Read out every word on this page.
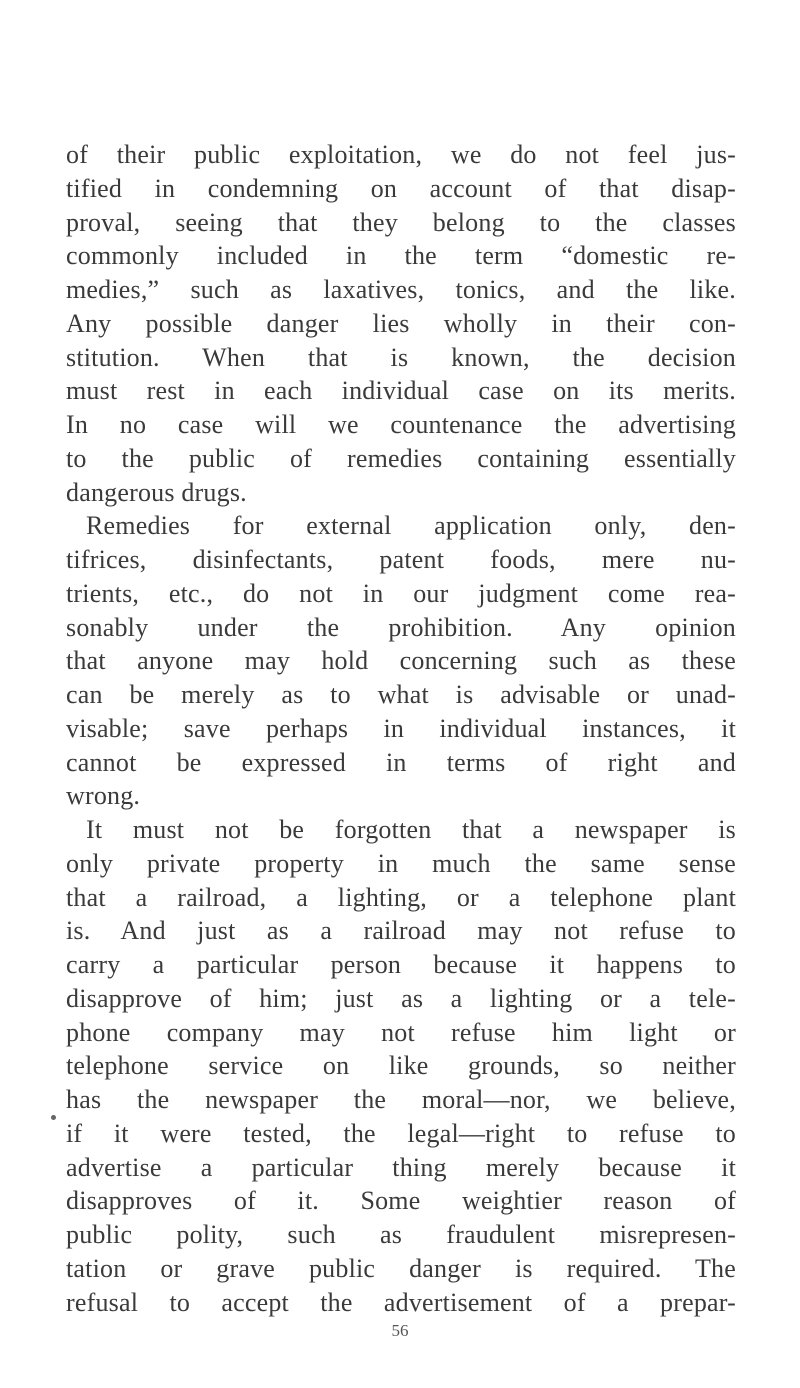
of their public exploitation, we do not feel jus-
tified in condemning on account of that disap-
proval, seeing that they belong to the classes
commonly included in the term “domestic re-
medies,” such as laxatives, tonics, and the like.
Any possible danger lies wholly in their con-
stitution. When that is known, the decision
must rest in each individual case on its merits.
In no case will we countenance the advertising
to the public of remedies containing essentially
dangerous drugs.
Remedies for external application only, den-
tifrices, disinfectants, patent foods, mere nu-
trients, etc., do not in our judgment come rea-
sonably under the prohibition. Any opinion
that anyone may hold concerning such as these
can be merely as to what is advisable or unad-
visable; save perhaps in individual instances, it
cannot be expressed in terms of right and
wrong.
It must not be forgotten that a newspaper is
only private property in much the same sense
that a railroad, a lighting, or a telephone plant
is. And just as a railroad may not refuse to
carry a particular person because it happens to
disapprove of him; just as a lighting or a tele-
phone company may not refuse him light or
telephone service on like grounds, so neither
has the newspaper the moral—nor, we believe,
if it were tested, the legal—right to refuse to
advertise a particular thing merely because it
disapproves of it. Some weightier reason of
public polity, such as fraudulent misrepresen-
tation or grave public danger is required. The
refusal to accept the advertisement of a prepar-
56
